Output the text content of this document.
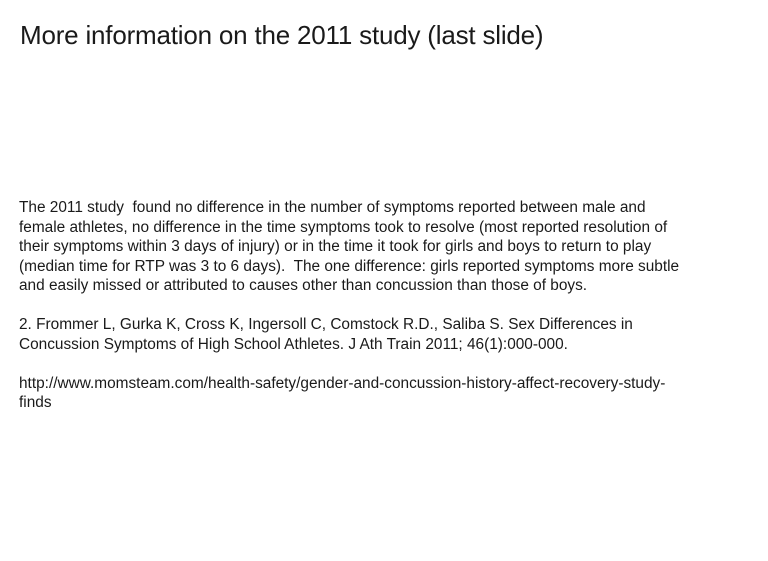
More information on the 2011 study (last slide)
The 2011 study  found no difference in the number of symptoms reported between male and
female athletes, no difference in the time symptoms took to resolve (most reported resolution of
their symptoms within 3 days of injury) or in the time it took for girls and boys to return to play
(median time for RTP was 3 to 6 days).  The one difference: girls reported symptoms more subtle
and easily missed or attributed to causes other than concussion than those of boys.
2. Frommer L, Gurka K, Cross K, Ingersoll C, Comstock R.D., Saliba S. Sex Differences in
Concussion Symptoms of High School Athletes. J Ath Train 2011; 46(1):000-000.
http://www.momsteam.com/health-safety/gender-and-concussion-history-affect-recovery-study-
finds
